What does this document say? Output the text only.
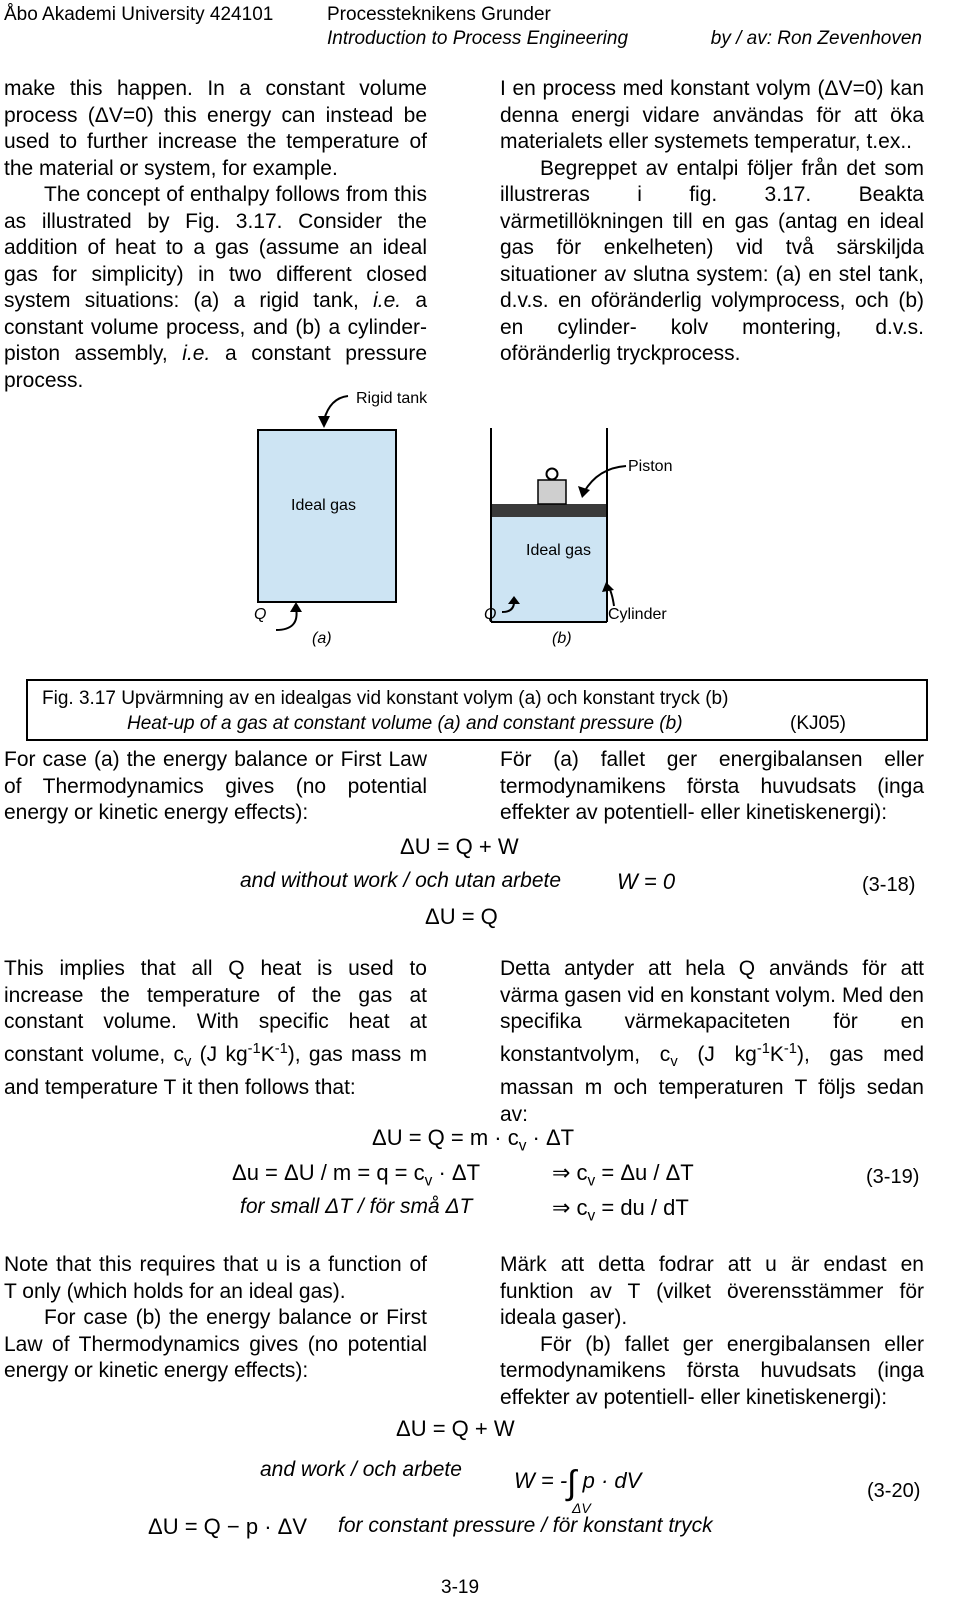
Åbo Akademi University 424101	Processteknikens Grunder
Introduction to Process Engineering	by / av: Ron Zevenhoven

make this happen. In a constant volume process (ΔV=0) this energy can instead be used to further increase the temperature of the material or system, for example.

The concept of enthalpy follows from this as illustrated by Fig. 3.17. Consider the addition of heat to a gas (assume an ideal gas for simplicity) in two different closed system situations: (a) a rigid tank, i.e. a constant volume process, and (b) a cylinder-piston assembly, i.e. a constant pressure process.

I en process med konstant volym (ΔV=0) kan denna energi vidare användas för att öka materialets eller systemets temperatur, t.ex..

Begreppet av entalpi följer från det som illustreras i fig. 3.17. Beakta värmetillökningen till en gas (antag en ideal gas för enkelheten) vid två särskiljda situationer av slutna system: (a) en stel tank, d.v.s. en oföränderlig volymprocess, och (b) en cylinder- kolv montering, d.v.s. oföränderlig tryckprocess.

Rigid tank
Ideal gas
Q
(a)
Piston
Ideal gas
Q	Cylinder
(b)
Fig. 3.17 Upvärmning av en idealgas vid konstant volym (a) och konstant tryck (b)
Heat-up of a gas at constant volume (a) and constant pressure (b)	(KJ05)

For case (a) the energy balance or First Law of Thermodynamics gives (no potential energy or kinetic energy effects):

För (a) fallet ger energibalansen eller termodynamikens första huvudsats (inga effekter av potentiell- eller kinetiskenergi):

ΔU = Q + W
and without work / och utan arbete	W = 0	(3-18)
ΔU = Q

This implies that all Q heat is used to increase the temperature of the gas at constant volume. With specific heat at constant volume, $c_v$ (J $kg^{-1}K^{-1}$), gas mass m and temperature T it then follows that:

Detta antyder att hela Q används för att värma gasen vid en konstant volym. Med den specifika värmekapaciteten för en konstantvolym, $c_v$ (J $kg^{-1}K^{-1}$), gas med massan m och temperaturen T följs sedan av:

$\Delta U = Q = m \cdot c_v \cdot \Delta T$
$\Delta u = \Delta U / m = q = c_v \cdot \Delta T$	⇒ $c_v = \Delta u / \Delta T$	(3-19)
for small ΔT / för små ΔT	⇒ $c_v$ = du / dT

Note that this requires that u is a function of T only (which holds for an ideal gas).

For case (b) the energy balance or First Law of Thermodynamics gives (no potential energy or kinetic energy effects):

Märk att detta fodrar att u är endast en funktion av T (vilket överensstämmer för ideala gaser).

För (b) fallet ger energibalansen eller termodynamikens första huvudsats (inga effekter av potentiell- eller kinetiskenergi):

ΔU = Q + W
and work / och arbete W = -∫ p · dV
ΔV
(3-20)
ΔU = Q − p · ΔV for constant pressure / för konstant tryck
3-19
